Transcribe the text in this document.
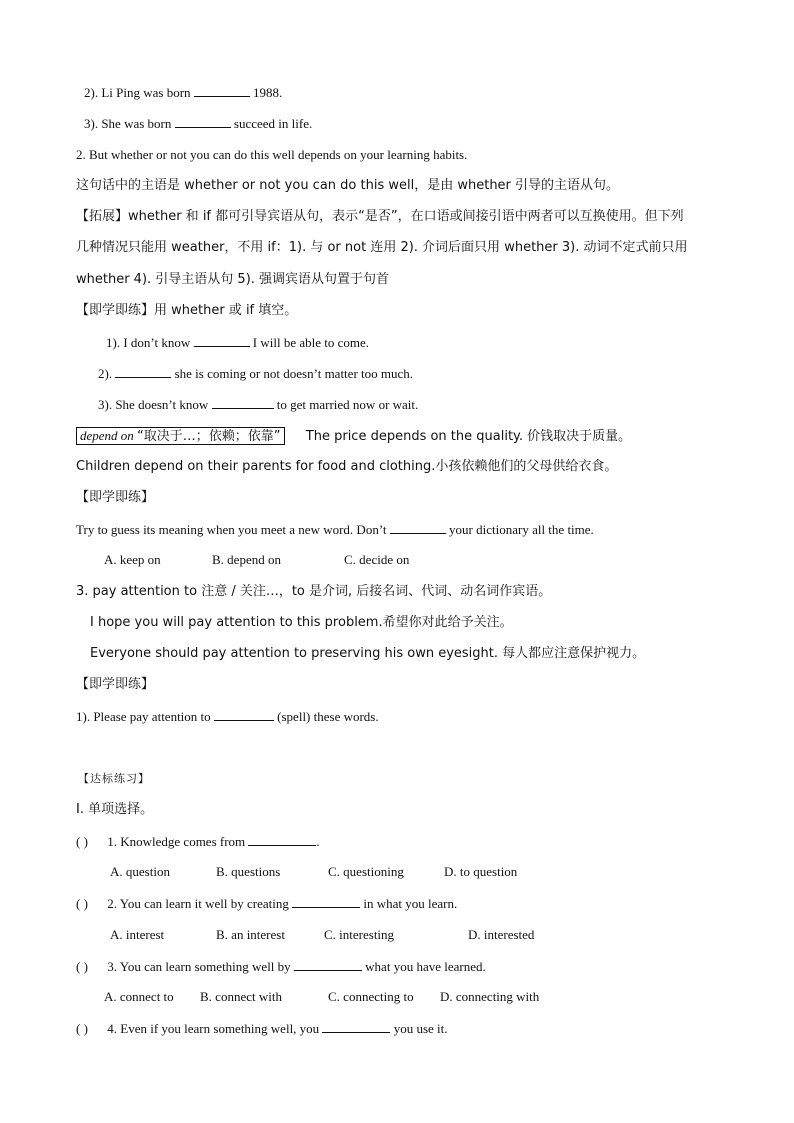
2). Li Ping was born	1988.
3). She was born	succeed in life.
2. But whether or not you can do this well depends on your learning habits.
这句话中的主语是 whether or not you can do this well，是由 whether 引导的主语从句。
【拓展】whether 和 if 都可引导宾语从句，表示“是否”，在口语或间接引语中两者可以互换使用。但下列
几种情况只能用 weather，不用 if：1). 与 or not 连用 2). 介词后面只用 whether 3). 动词不定式前只用
whether 4). 引导主语从句 5). 强调宾语从句置于句首
【即学即练】用 whether 或 if 填空。
1). I don’t know	I will be able to come.
2).	she is coming or not doesn’t matter too much.
3). She doesn’t know	to get married now or wait.
depend on “取决于…；依赖；依靠” The price depends on the quality. 价钱取决于质量。
Children depend on their parents for food and clothing.小孩依赖他们的父母供给衣食。
【即学即练】
Try to guess its meaning when you meet a new word. Don’t	your dictionary all the time.
A. keep on	B. depend on	C. decide on
3. pay attention to 注意 / 关注…，to 是介词, 后接名词、代词、动名词作宾语。
I hope you will pay attention to this problem.希望你对此给予关注。
Everyone should pay attention to preserving his own eyesight. 每人都应注意保护视力。
【即学即练】
1). Please pay attention to	(spell) these words.
【达标练习】
I. 单项选择。
( ) 1. Knowledge comes from	.
A. question	B. questions	C. questioning	D. to question
( ) 2. You can learn it well by creating	in what you learn.
A. interest	B. an interest	C. interesting	D. interested
( ) 3. You can learn something well by	what you have learned.
A. connect to B. connect with	C. connecting to D. connecting with
( ) 4. Even if you learn something well, you	you use it.
